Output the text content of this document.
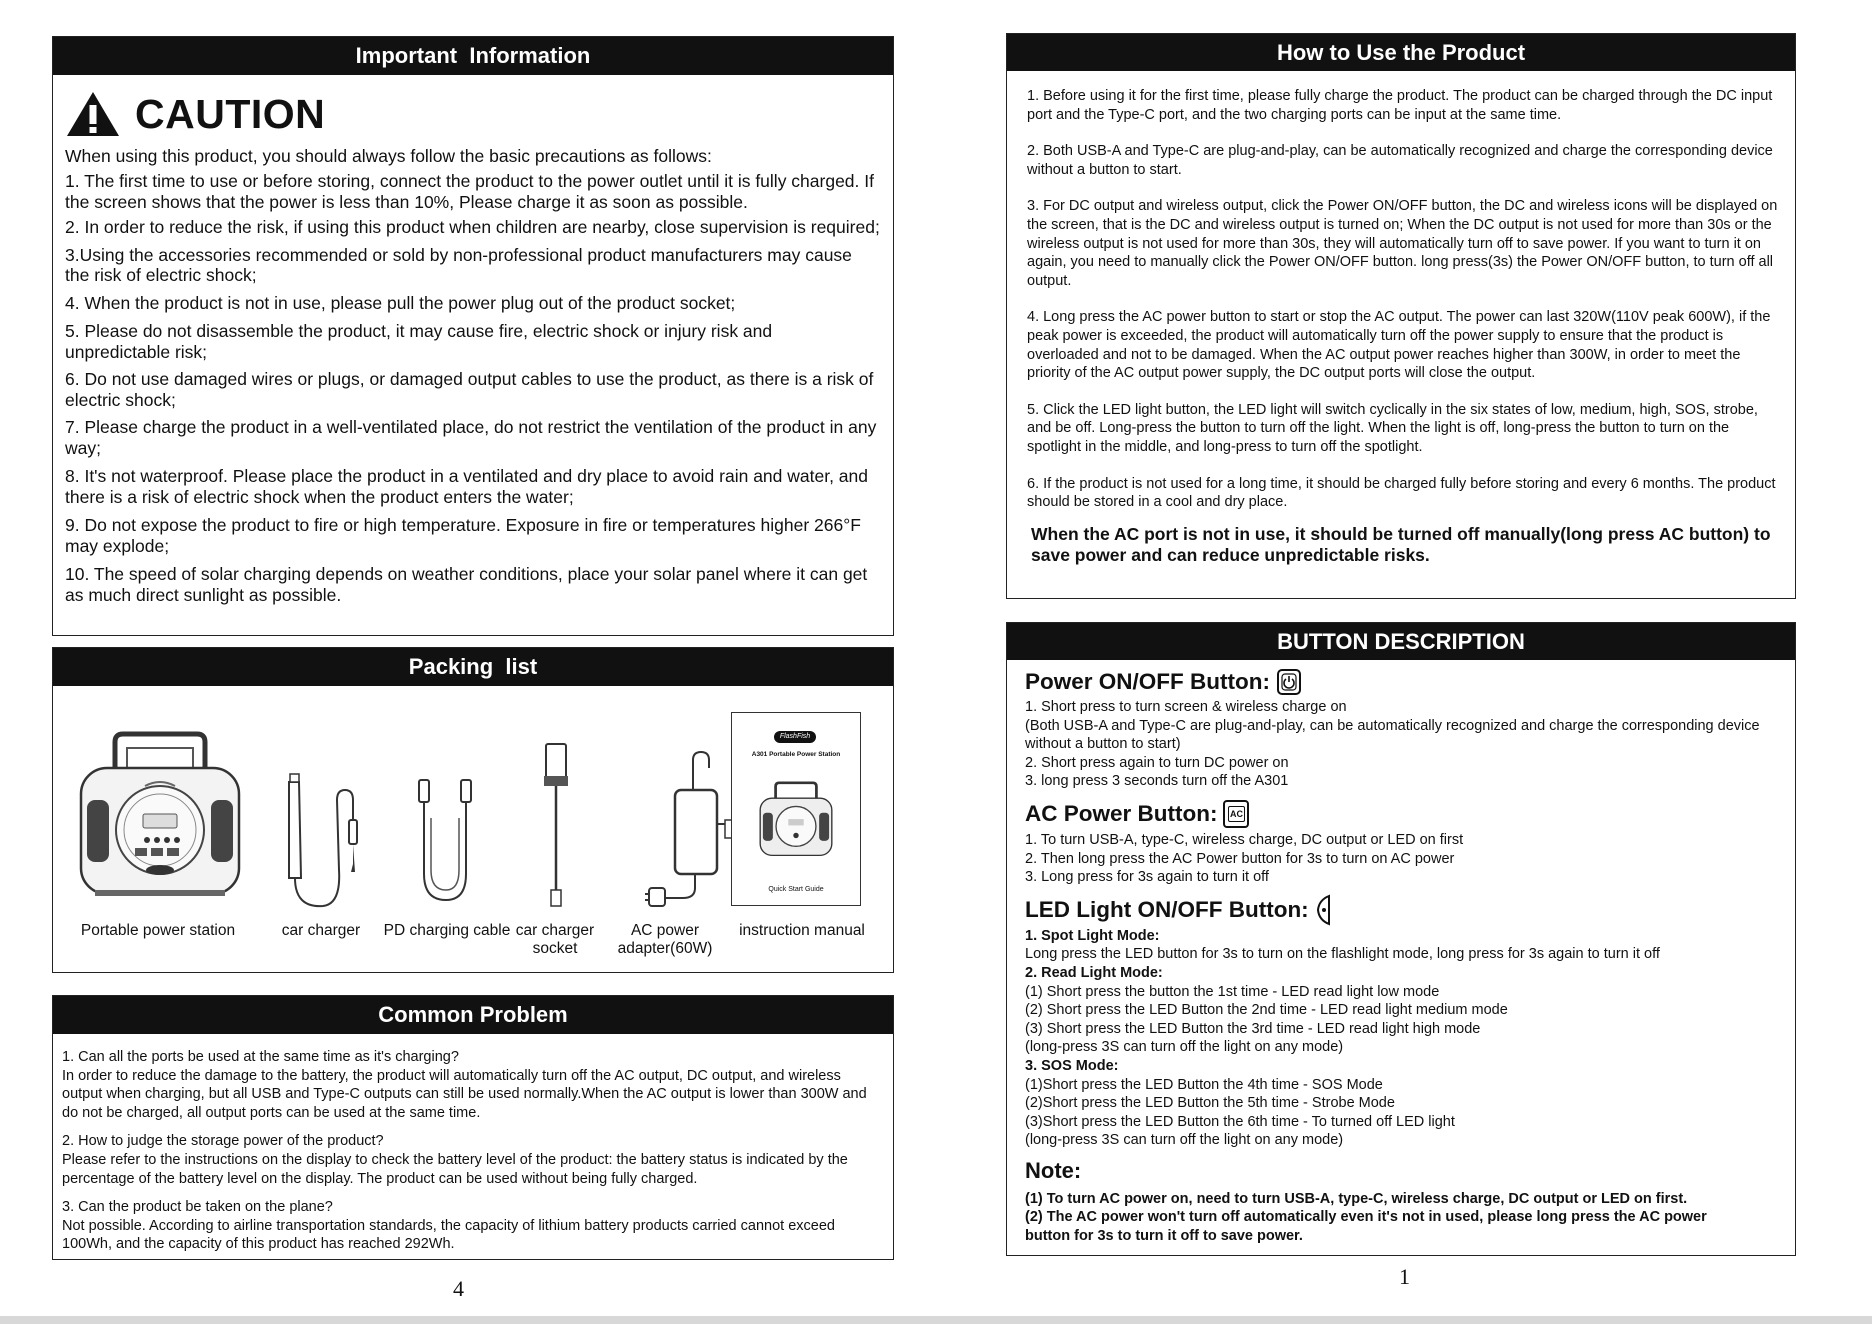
Important  Information
CAUTION
When using this product, you should always follow the basic precautions as follows:
1. The first time to use or before storing, connect the product to the power outlet until it is fully charged. If the screen shows that the power is less than 10%, Please charge it as soon as possible.
2. In order to reduce the risk, if using this product when children are nearby, close supervision is required;
3.Using the accessories recommended or sold by non-professional product manufacturers may cause the risk of electric shock;
4. When the product is not in use, please pull the power plug out of the product socket;
5. Please do not disassemble the product, it may cause fire, electric shock or injury risk and unpredictable risk;
6. Do not use damaged wires or plugs, or damaged output cables to use the product, as there is a risk of electric shock;
7. Please charge the product in a well-ventilated place, do not restrict the ventilation of the product in any way;
8. It's not waterproof. Please place the product in a ventilated and dry place to avoid rain and water, and there is a risk of electric shock when the product enters the water;
9. Do not expose the product to fire or high temperature. Exposure in fire or temperatures higher 266°F may explode;
10. The speed of solar charging depends on weather conditions, place your solar panel where it can get as much direct sunlight as possible.
Packing  list
FlashFish
A301 Portable Power Station
Quick Start Guide
Portable power station	car charger	PD charging cable car charger socket
AC power adapter(60W)
instruction manual
Common Problem
1. Can all the ports be used at the same time as it's charging?
In order to reduce the damage to the battery, the product will automatically turn off the AC output, DC output, and wireless output when charging, but all USB and Type-C outputs can still be used normally.When the AC output is lower than 300W and do not be charged, all output ports can be used at the same time.
2. How to judge the storage power of the product?
Please refer to the instructions on the display to check the battery level of the product: the battery status is indicated by the percentage of the battery level on the display. The product can be used without being fully charged.
3. Can the product be taken on the plane?
Not possible. According to airline transportation standards, the capacity of lithium battery products carried cannot exceed 100Wh, and the capacity of this product has reached 292Wh.
How to Use the Product
1. Before using it for the first time, please fully charge the product. The product can be charged through the DC input port and the Type-C port, and the two charging ports can be input at the same time.
2. Both USB-A and Type-C are plug-and-play, can be automatically recognized and charge the corresponding device without a button to start.
3. For DC output and wireless output, click the Power ON/OFF button, the DC and wireless icons will be displayed on the screen, that is the DC and wireless output is turned on; When the DC output is not used for more than 30s or the wireless output is not used for more than 30s, they will automatically turn off to save power. If you want to turn it on again, you need to manually click the Power ON/OFF button. long press(3s) the Power ON/OFF button, to turn off all output.
4. Long press the AC power button to start or stop the AC output. The power can last 320W(110V peak 600W), if the peak power is exceeded, the product will automatically turn off the power supply to ensure that the product is overloaded and not to be damaged. When the AC output power reaches higher than 300W, in order to meet the priority of the AC output power supply, the DC output ports will close the output.
5. Click the LED light button, the LED light will switch cyclically in the six states of low, medium, high, SOS, strobe, and be off. Long-press the button to turn off the light. When the light is off, long-press the button to turn on the spotlight in the middle, and long-press to turn off the spotlight.
6. If the product is not used for a long time, it should be charged fully before storing and every 6 months. The product should be stored in a cool and dry place.
When the AC port is not in use, it should be turned off manually(long press AC button) to save power and can reduce unpredictable risks.
BUTTON DESCRIPTION
Power ON/OFF Button:
1. Short press to turn screen & wireless charge on
(Both USB-A and Type-C are plug-and-play, can be automatically recognized and charge the corresponding device without a button to start)
2. Short press again to turn DC power on
3. long press 3 seconds turn off the A301
AC Power Button: AC
1. To turn USB-A, type-C, wireless charge, DC output or LED on first
2. Then long press the AC Power button for 3s to turn on AC power
3. Long press for 3s again to turn it off
LED Light ON/OFF Button:
1. Spot Light Mode:
Long press the LED button for 3s to turn on the flashlight mode, long press for 3s again to turn it off
2. Read Light Mode:
(1) Short press the button the 1st time - LED read light low mode
(2) Short press the LED Button the 2nd time - LED read light medium mode
(3) Short press the LED Button the 3rd time - LED read light high mode
(long-press 3S can turn off the light on any mode)
3. SOS Mode:
(1)Short press the LED Button the 4th time - SOS Mode
(2)Short press the LED Button the 5th time - Strobe Mode
(3)Short press the LED Button the 6th time - To turned off LED light
(long-press 3S can turn off the light on any mode)
Note:
(1) To turn AC power on, need to turn USB-A, type-C, wireless charge, DC output or LED on first.
(2) The AC power won't turn off automatically even it's not in used, please long press the AC power button for 3s to turn it off to save power.
4	1
